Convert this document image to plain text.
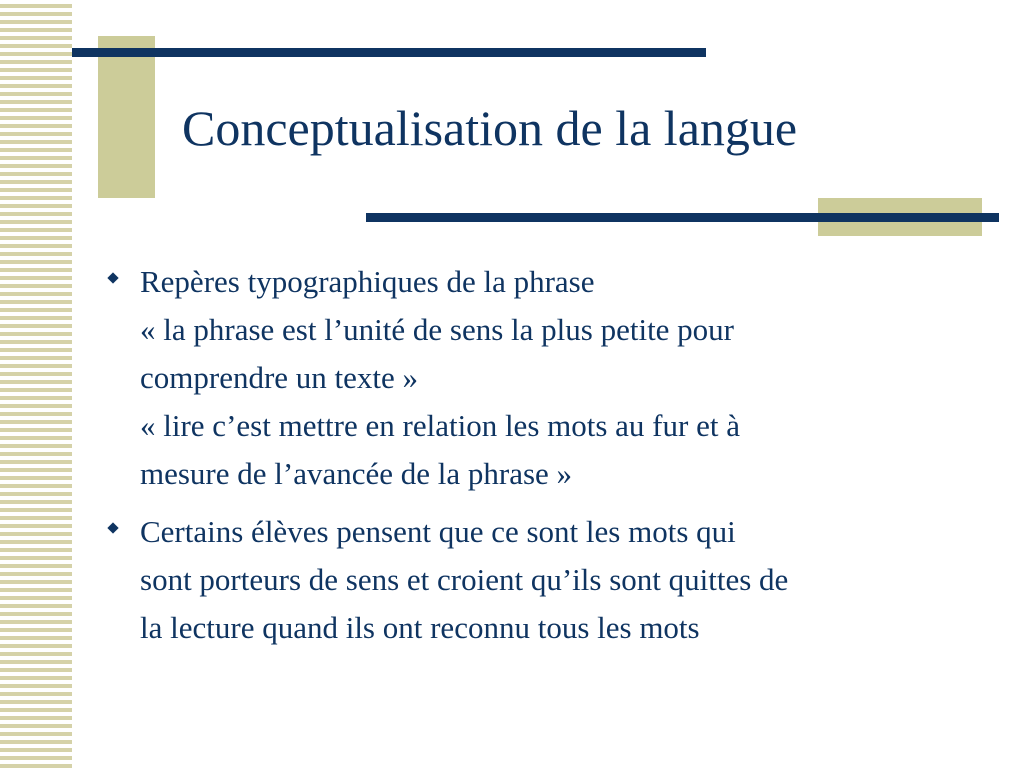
Conceptualisation de la langue
Repères typographiques de la phrase
« la phrase est l’unité de sens la plus petite pour
comprendre un texte »
« lire c’est mettre en relation les mots au fur et à
mesure de l’avancée de la phrase »
Certains élèves pensent que ce sont les mots qui
sont porteurs de sens et croient qu’ils sont quittes de
la lecture quand ils ont reconnu tous les mots
